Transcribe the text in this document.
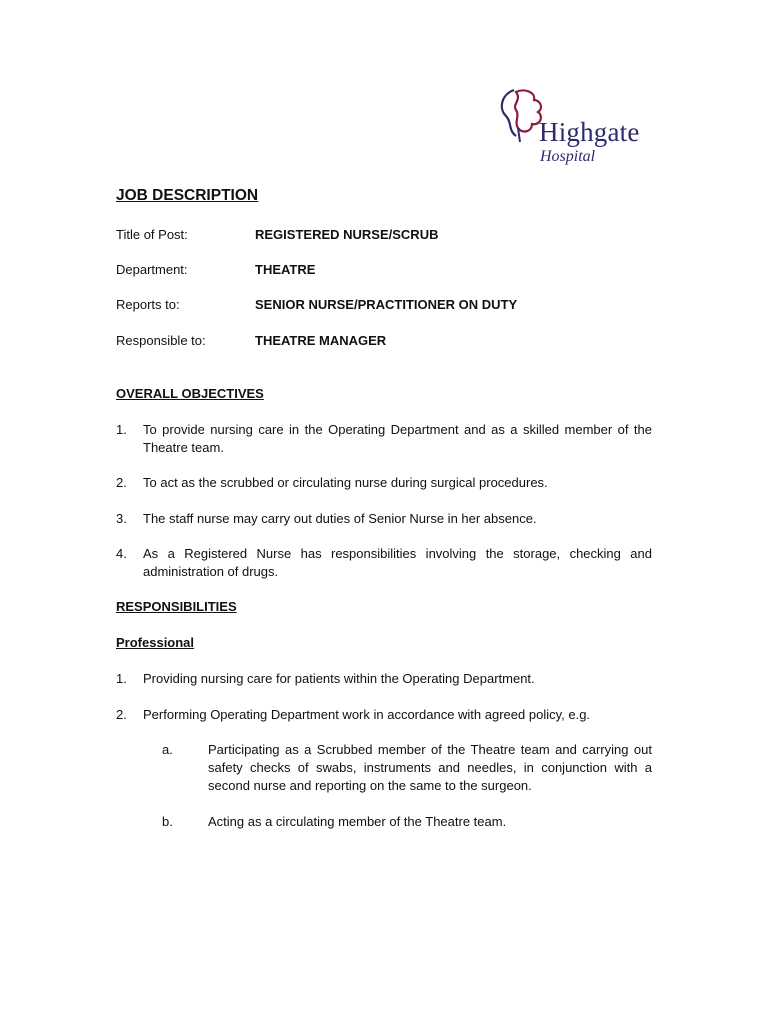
Highgate
Hospital
JOB DESCRIPTION
Title of Post:	REGISTERED NURSE/SCRUB
Department:	THEATRE
Reports to:	SENIOR NURSE/PRACTITIONER ON DUTY
Responsible to:	THEATRE MANAGER
OVERALL OBJECTIVES
1. To provide nursing care in the Operating Department and as a skilled member of the Theatre team.
2. To act as the scrubbed or circulating nurse during surgical procedures.
3. The staff nurse may carry out duties of Senior Nurse in her absence.
4. As a Registered Nurse has responsibilities involving the storage, checking and administration of drugs.
RESPONSIBILITIES
Professional
1. Providing nursing care for patients within the Operating Department.
2. Performing Operating Department work in accordance with agreed policy, e.g.
a.	Participating as a Scrubbed member of the Theatre team and carrying out safety checks of swabs, instruments and needles, in conjunction with a second nurse and reporting on the same to the surgeon.
b.	Acting as a circulating member of the Theatre team.
